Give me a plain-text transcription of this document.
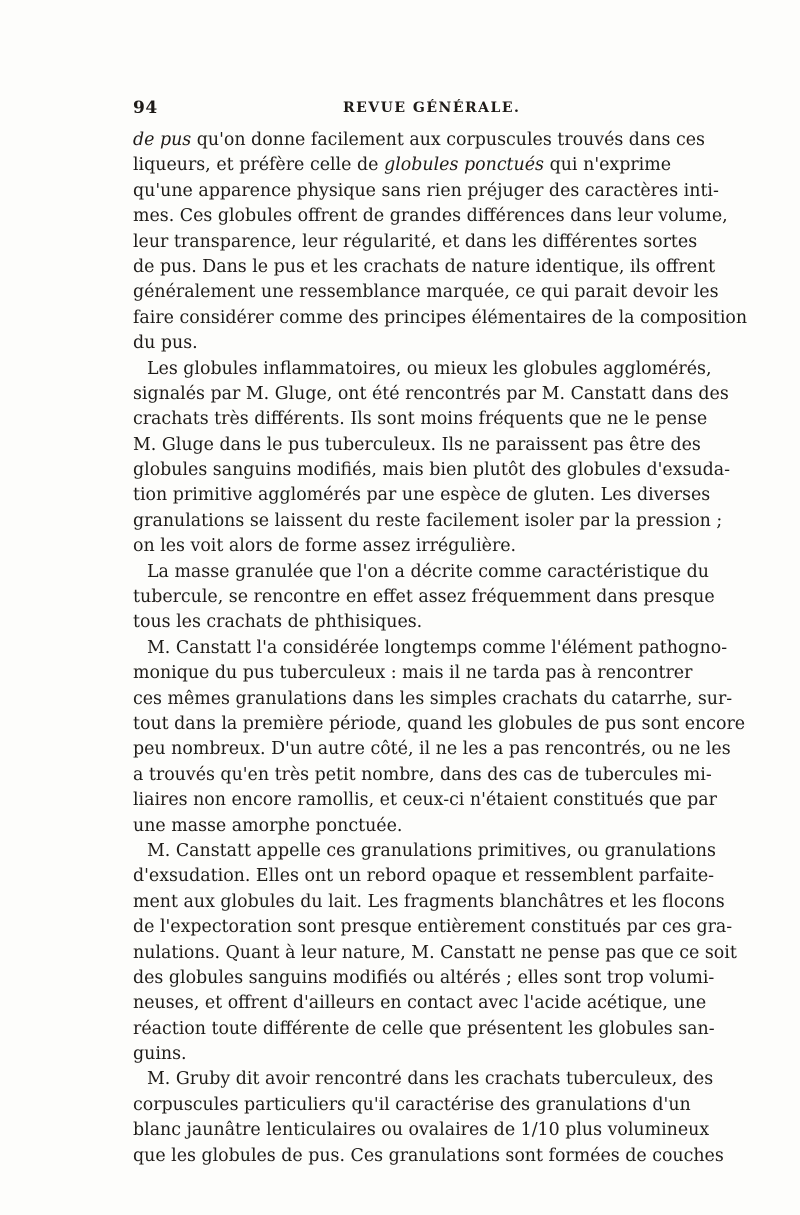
94	REVUE GÉNÉRALE.
de pus qu'on donne facilement aux corpuscules trouvés dans ces
liqueurs, et préfère celle de globules ponctués qui n'exprime
qu'une apparence physique sans rien préjuger des caractères inti-
mes. Ces globules offrent de grandes différences dans leur volume,
leur transparence, leur régularité, et dans les différentes sortes
de pus. Dans le pus et les crachats de nature identique, ils offrent
généralement une ressemblance marquée, ce qui parait devoir les
faire considérer comme des principes élémentaires de la composition
du pus.
Les globules inflammatoires, ou mieux les globules agglomérés,
signalés par M. Gluge, ont été rencontrés par M. Canstatt dans des
crachats très différents. Ils sont moins fréquents que ne le pense
M. Gluge dans le pus tuberculeux. Ils ne paraissent pas être des
globules sanguins modifiés, mais bien plutôt des globules d'exsuda-
tion primitive agglomérés par une espèce de gluten. Les diverses
granulations se laissent du reste facilement isoler par la pression ;
on les voit alors de forme assez irrégulière.
La masse granulée que l'on a décrite comme caractéristique du
tubercule, se rencontre en effet assez fréquemment dans presque
tous les crachats de phthisiques.
M. Canstatt l'a considérée longtemps comme l'élément pathogno-
monique du pus tuberculeux : mais il ne tarda pas à rencontrer
ces mêmes granulations dans les simples crachats du catarrhe, sur-
tout dans la première période, quand les globules de pus sont encore
peu nombreux. D'un autre côté, il ne les a pas rencontrés, ou ne les
a trouvés qu'en très petit nombre, dans des cas de tubercules mi-
liaires non encore ramollis, et ceux-ci n'étaient constitués que par
une masse amorphe ponctuée.
M. Canstatt appelle ces granulations primitives, ou granulations
d'exsudation. Elles ont un rebord opaque et ressemblent parfaite-
ment aux globules du lait. Les fragments blanchâtres et les flocons
de l'expectoration sont presque entièrement constitués par ces gra-
nulations. Quant à leur nature, M. Canstatt ne pense pas que ce soit
des globules sanguins modifiés ou altérés ; elles sont trop volumi-
neuses, et offrent d'ailleurs en contact avec l'acide acétique, une
réaction toute différente de celle que présentent les globules san-
guins.
M. Gruby dit avoir rencontré dans les crachats tuberculeux, des
corpuscules particuliers qu'il caractérise des granulations d'un
blanc jaunâtre lenticulaires ou ovalaires de 1/10 plus volumineux
que les globules de pus. Ces granulations sont formées de couches
